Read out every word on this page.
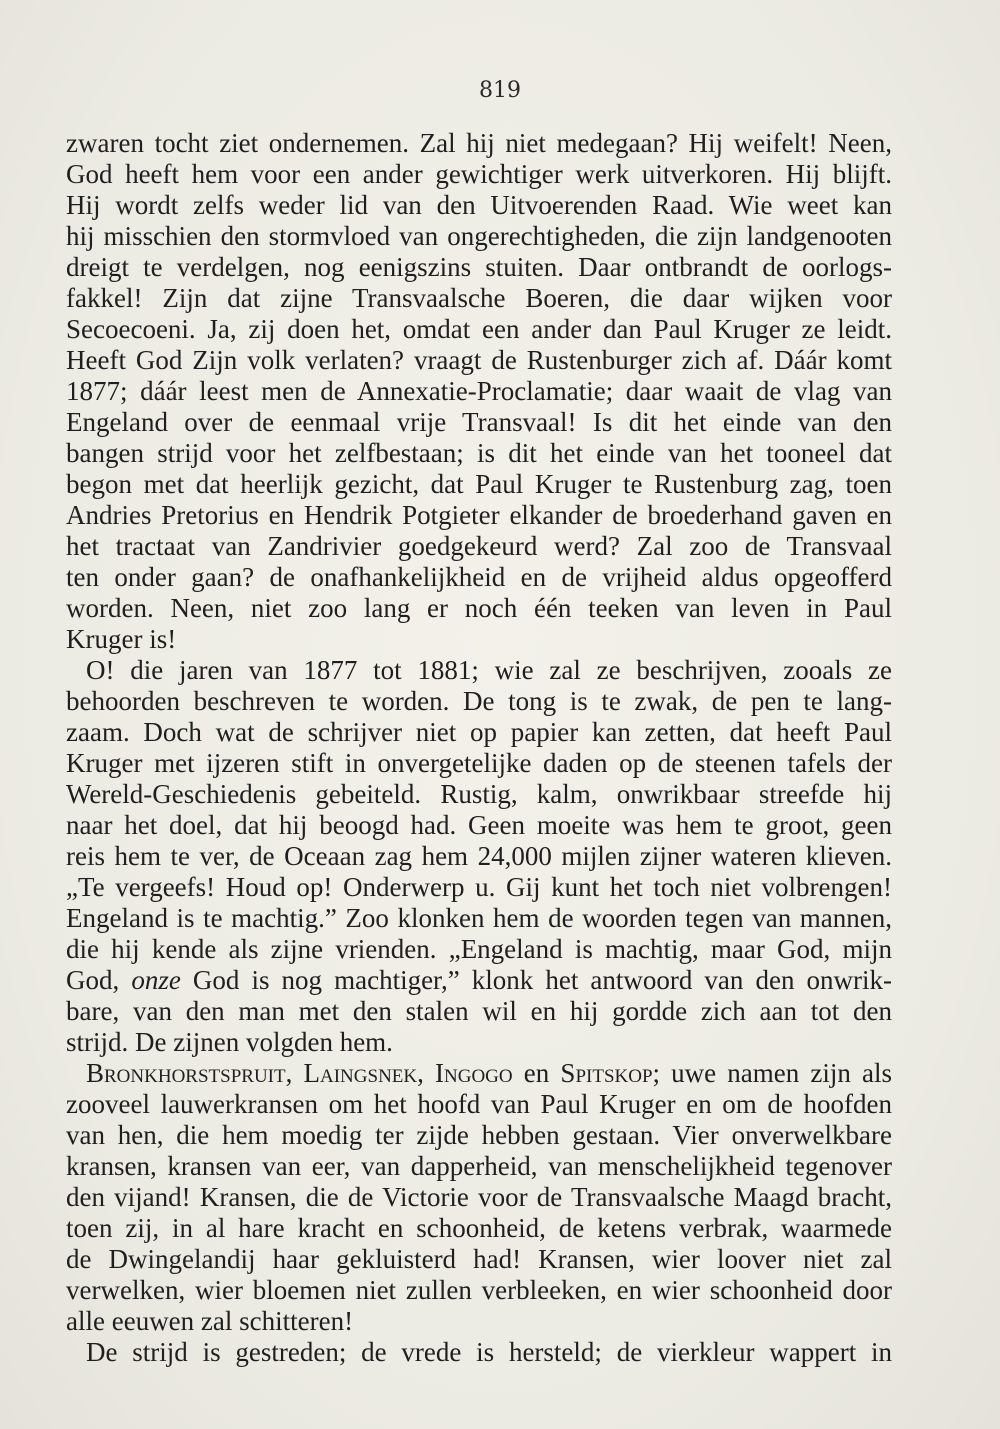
819
zwaren tocht ziet ondernemen. Zal hij niet medegaan? Hij weifelt! Neen,
God heeft hem voor een ander gewichtiger werk uitverkoren. Hij blijft.
Hij wordt zelfs weder lid van den Uitvoerenden Raad. Wie weet kan
hij misschien den stormvloed van ongerechtigheden, die zijn landgenooten
dreigt te verdelgen, nog eenigszins stuiten. Daar ontbrandt de oorlogs-
fakkel! Zijn dat zijne Transvaalsche Boeren, die daar wijken voor
Secoecoeni. Ja, zij doen het, omdat een ander dan Paul Kruger ze leidt.
Heeft God Zijn volk verlaten? vraagt de Rustenburger zich af. Dáár komt
1877; dáár leest men de Annexatie-Proclamatie; daar waait de vlag van
Engeland over de eenmaal vrije Transvaal! Is dit het einde van den
bangen strijd voor het zelfbestaan; is dit het einde van het tooneel dat
begon met dat heerlijk gezicht, dat Paul Kruger te Rustenburg zag, toen
Andries Pretorius en Hendrik Potgieter elkander de broederhand gaven en
het tractaat van Zandrivier goedgekeurd werd? Zal zoo de Transvaal
ten onder gaan? de onafhankelijkheid en de vrijheid aldus opgeofferd
worden. Neen, niet zoo lang er noch één teeken van leven in Paul
Kruger is!
O! die jaren van 1877 tot 1881; wie zal ze beschrijven, zooals ze
behoorden beschreven te worden. De tong is te zwak, de pen te lang-
zaam. Doch wat de schrijver niet op papier kan zetten, dat heeft Paul
Kruger met ijzeren stift in onvergetelijke daden op de steenen tafels der
Wereld-Geschiedenis gebeiteld. Rustig, kalm, onwrikbaar streefde hij
naar het doel, dat hij beoogd had. Geen moeite was hem te groot, geen
reis hem te ver, de Oceaan zag hem 24,000 mijlen zijner wateren klieven.
„Te vergeefs! Houd op! Onderwerp u. Gij kunt het toch niet volbrengen!
Engeland is te machtig.” Zoo klonken hem de woorden tegen van mannen,
die hij kende als zijne vrienden. „Engeland is machtig, maar God, mijn
God, onze God is nog machtiger,” klonk het antwoord van den onwrik-
bare, van den man met den stalen wil en hij gordde zich aan tot den
strijd. De zijnen volgden hem.
Bronkhorstspruit, Laingsnek, Ingogo en Spitskop; uwe namen zijn als
zooveel lauwerkransen om het hoofd van Paul Kruger en om de hoofden
van hen, die hem moedig ter zijde hebben gestaan. Vier onverwelkbare
kransen, kransen van eer, van dapperheid, van menschelijkheid tegenover
den vijand! Kransen, die de Victorie voor de Transvaalsche Maagd bracht,
toen zij, in al hare kracht en schoonheid, de ketens verbrak, waarmede
de Dwingelandij haar gekluisterd had! Kransen, wier loover niet zal
verwelken, wier bloemen niet zullen verbleeken, en wier schoonheid door
alle eeuwen zal schitteren!
De strijd is gestreden; de vrede is hersteld; de vierkleur wappert in
